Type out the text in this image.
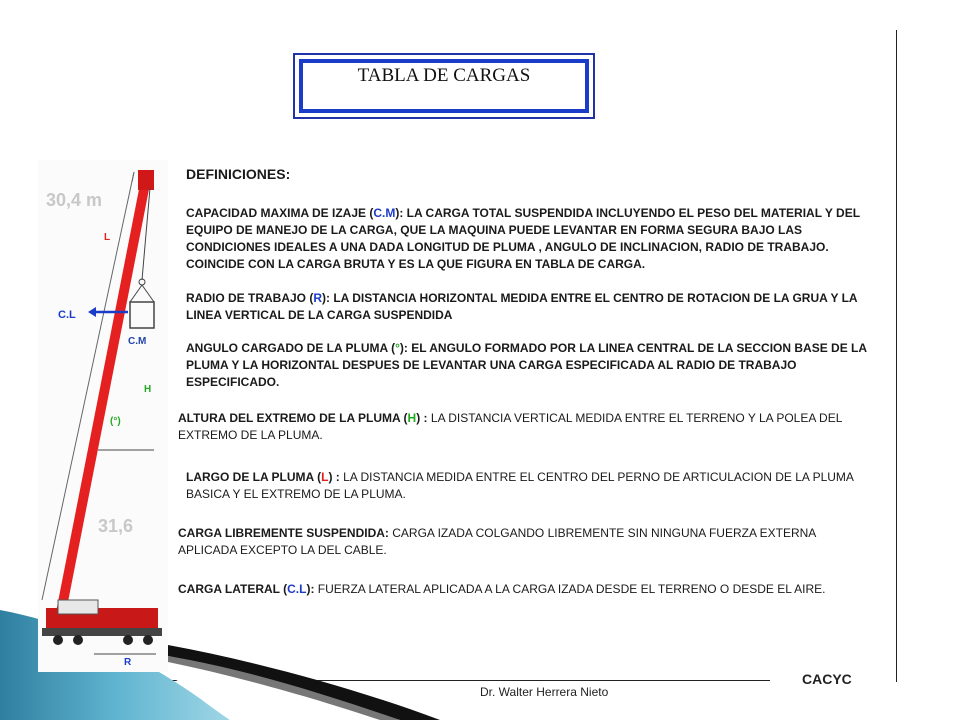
TABLA DE CARGAS
30,4 m
31,6
C.L
C.M
L
H
(°)
R
DEFINICIONES:
CAPACIDAD MAXIMA DE IZAJE (C.M): LA CARGA TOTAL SUSPENDIDA INCLUYENDO EL PESO DEL MATERIAL Y DEL EQUIPO DE MANEJO DE LA CARGA, QUE LA MAQUINA PUEDE LEVANTAR EN FORMA SEGURA BAJO LAS CONDICIONES IDEALES A UNA DADA LONGITUD DE PLUMA , ANGULO DE INCLINACION, RADIO DE TRABAJO. COINCIDE CON LA CARGA BRUTA Y ES LA QUE FIGURA EN TABLA DE CARGA.
RADIO DE TRABAJO (R): LA DISTANCIA HORIZONTAL MEDIDA ENTRE EL CENTRO DE ROTACION DE LA GRUA Y LA LINEA VERTICAL DE LA CARGA SUSPENDIDA
ANGULO CARGADO DE LA PLUMA (°): EL ANGULO FORMADO POR LA LINEA CENTRAL DE LA SECCION BASE DE LA PLUMA Y LA HORIZONTAL DESPUES DE LEVANTAR UNA CARGA ESPECIFICADA AL RADIO DE TRABAJO ESPECIFICADO.
ALTURA DEL EXTREMO DE LA PLUMA (H) : LA DISTANCIA VERTICAL MEDIDA ENTRE EL TERRENO Y LA POLEA DEL EXTREMO DE LA PLUMA.
LARGO DE LA PLUMA (L) : LA DISTANCIA MEDIDA ENTRE EL CENTRO DEL PERNO DE ARTICULACION DE LA PLUMA BASICA Y EL EXTREMO DE LA PLUMA.
CARGA LIBREMENTE SUSPENDIDA: CARGA IZADA COLGANDO LIBREMENTE SIN NINGUNA FUERZA EXTERNA APLICADA EXCEPTO LA DEL CABLE.
CARGA LATERAL (C.L): FUERZA LATERAL APLICADA A LA CARGA IZADA DESDE EL TERRENO O DESDE EL AIRE.
Dr. Walter Herrera Nieto
CACYC
